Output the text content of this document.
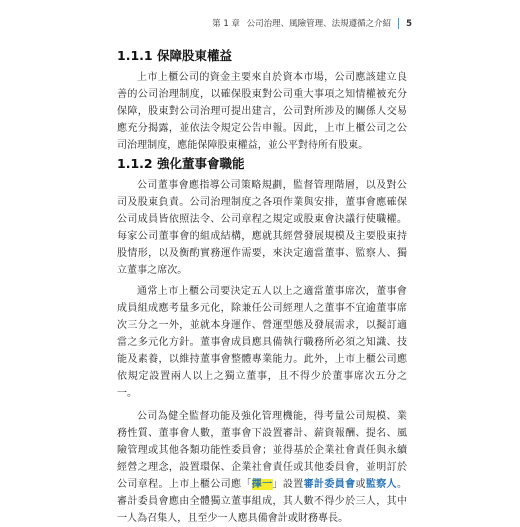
第 1 章 公司治理、風險管理、法規遵循之介紹 5
1.1.1 保障股東權益

上市上櫃公司的資金主要來自於資本市場，公司應該建立良善的公司治理制度，以確保股東對公司重大事項之知情權被充分保障，股東對公司治理可提出建言，公司對所涉及的關係人交易應充分揭露，並依法令規定公告申報。因此，上市上櫃公司之公司治理制度，應能保障股東權益，並公平對待所有股東。

1.1.2 強化董事會職能

公司董事會應指導公司策略規劃，監督管理階層，以及對公司及股東負責。公司治理制度之各項作業與安排，董事會應確保公司成員皆依照法令、公司章程之規定或股東會決議行使職權。每家公司董事會的組成結構，應就其經營發展規模及主要股東持股情形，以及衡酌實務運作需要，來決定適當董事、監察人、獨立董事之席次。

通常上市上櫃公司要決定五人以上之適當董事席次，董事會成員組成應考量多元化，除兼任公司經理人之董事不宜逾董事席次三分之一外，並就本身運作、營運型態及發展需求，以擬訂適當之多元化方針。董事會成員應具備執行職務所必須之知識、技能及素養，以維持董事會整體專業能力。此外，上市上櫃公司應依規定設置兩人以上之獨立董事，且不得少於董事席次五分之一。

公司為健全監督功能及強化管理機能，得考量公司規模、業務性質、董事會人數，董事會下設置審計、薪資報酬、提名、風險管理或其他各類功能性委員會；並得基於企業社會責任與永續經營之理念，設置環保、企業社會責任或其他委員會，並明訂於公司章程。上市上櫃公司應「擇一」設置審計委員會或監察人。審計委員會應由全體獨立董事組成，其人數不得少於三人，其中一人為召集人，且至少一人應具備會計或財務專長。
